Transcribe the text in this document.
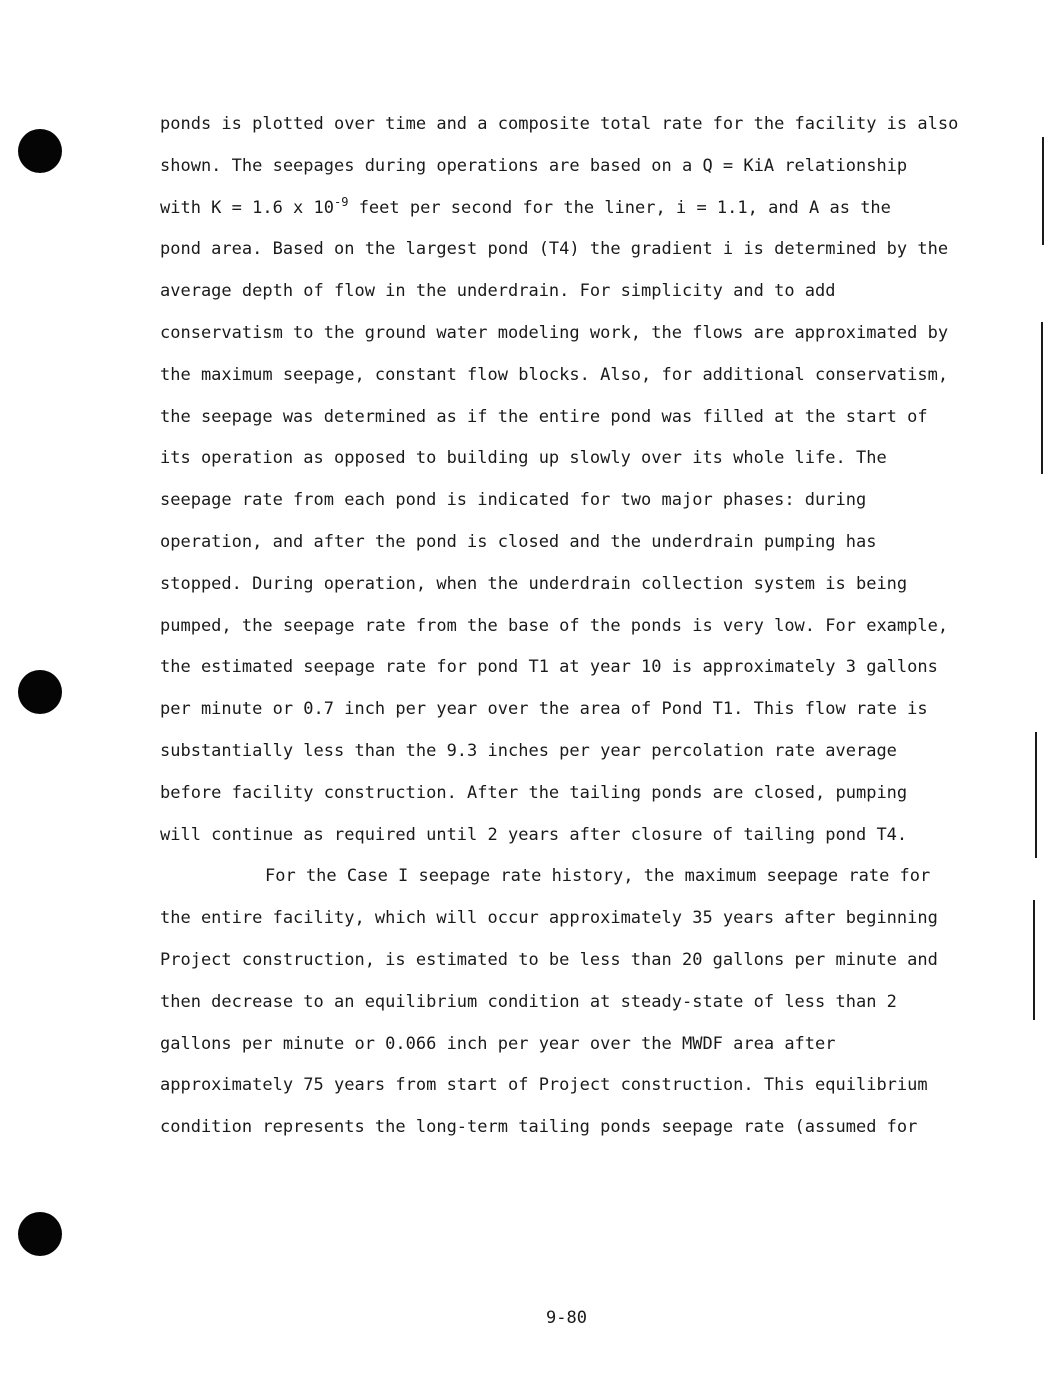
ponds is plotted over time and a composite total rate for the facility is also
shown. The seepages during operations are based on a Q = KiA relationship
with K = 1.6 x $10^{-9}$ feet per second for the liner, i = 1.1, and A as the
pond area. Based on the largest pond (T4) the gradient i is determined by the
average depth of flow in the underdrain. For simplicity and to add
conservatism to the ground water modeling work, the flows are approximated by
the maximum seepage, constant flow blocks. Also, for additional conservatism,
the seepage was determined as if the entire pond was filled at the start of
its operation as opposed to building up slowly over its whole life. The
seepage rate from each pond is indicated for two major phases: during
operation, and after the pond is closed and the underdrain pumping has
stopped. During operation, when the underdrain collection system is being
pumped, the seepage rate from the base of the ponds is very low. For example,
the estimated seepage rate for pond T1 at year 10 is approximately 3 gallons
per minute or 0.7 inch per year over the area of Pond T1. This flow rate is
substantially less than the 9.3 inches per year percolation rate average
before facility construction. After the tailing ponds are closed, pumping
will continue as required until 2 years after closure of tailing pond T4.
For the Case I seepage rate history, the maximum seepage rate for
the entire facility, which will occur approximately 35 years after beginning
Project construction, is estimated to be less than 20 gallons per minute and
then decrease to an equilibrium condition at steady-state of less than 2
gallons per minute or 0.066 inch per year over the MWDF area after
approximately 75 years from start of Project construction. This equilibrium
condition represents the long-term tailing ponds seepage rate (assumed for
9-80
